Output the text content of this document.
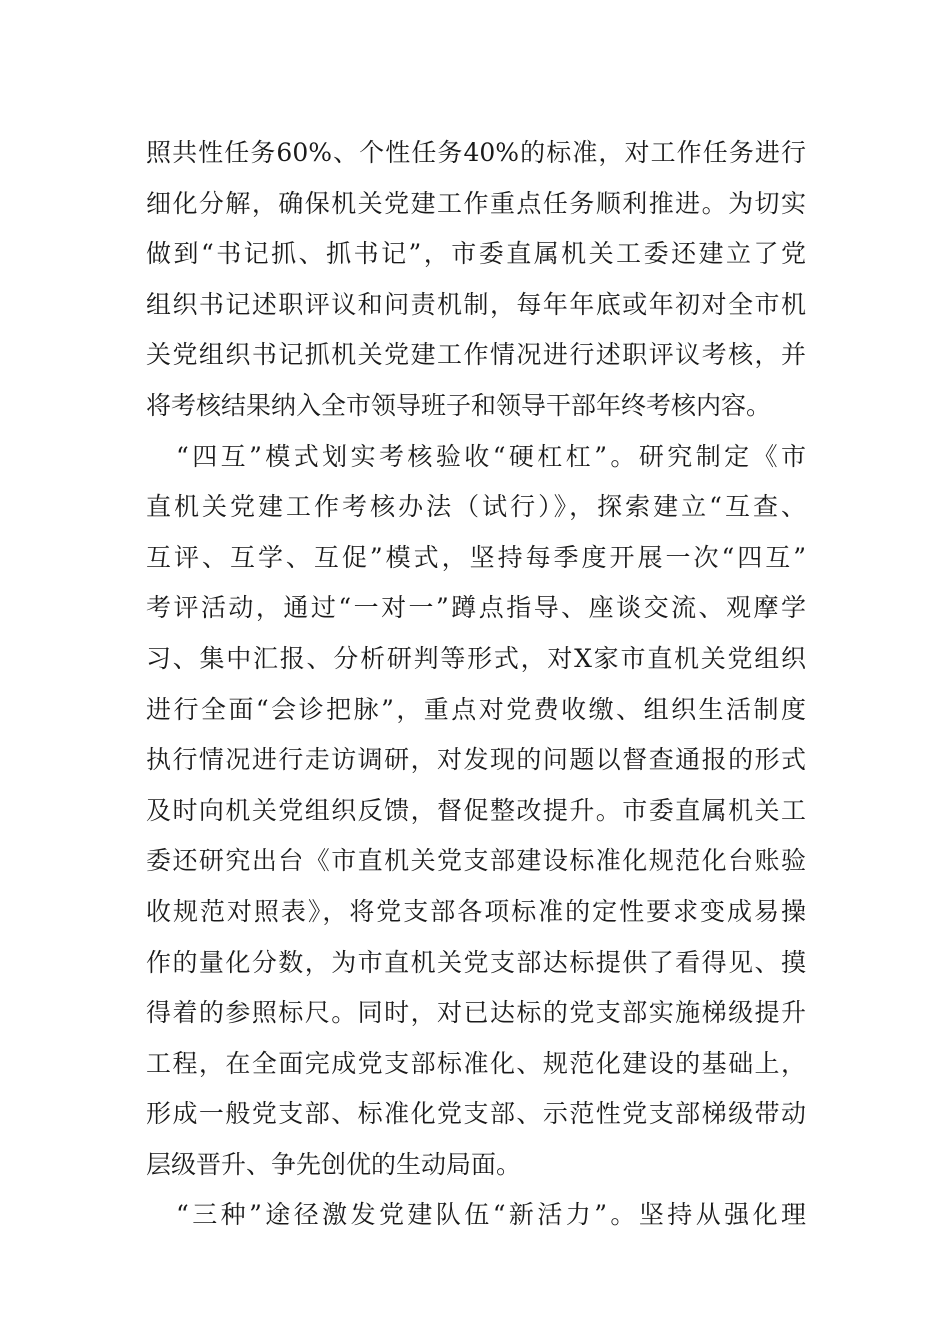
照共性任务60%、个性任务40%的标准，对工作任务进行
细化分解，确保机关党建工作重点任务顺利推进。为切实
做到“书记抓、抓书记”，市委直属机关工委还建立了党
组织书记述职评议和问责机制，每年年底或年初对全市机
关党组织书记抓机关党建工作情况进行述职评议考核，并
将考核结果纳入全市领导班子和领导干部年终考核内容。
“四互”模式划实考核验收“硬杠杠”。研究制定《市
直机关党建工作考核办法（试行）》，探索建立“互查、
互评、互学、互促”模式，坚持每季度开展一次“四互”
考评活动，通过“一对一”蹲点指导、座谈交流、观摩学
习、集中汇报、分析研判等形式，对X家市直机关党组织
进行全面“会诊把脉”，重点对党费收缴、组织生活制度
执行情况进行走访调研，对发现的问题以督查通报的形式
及时向机关党组织反馈，督促整改提升。市委直属机关工
委还研究出台《市直机关党支部建设标准化规范化台账验
收规范对照表》，将党支部各项标准的定性要求变成易操
作的量化分数，为市直机关党支部达标提供了看得见、摸
得着的参照标尺。同时，对已达标的党支部实施梯级提升
工程，在全面完成党支部标准化、规范化建设的基础上，
形成一般党支部、标准化党支部、示范性党支部梯级带动
层级晋升、争先创优的生动局面。
“三种”途径激发党建队伍“新活力”。坚持从强化理
